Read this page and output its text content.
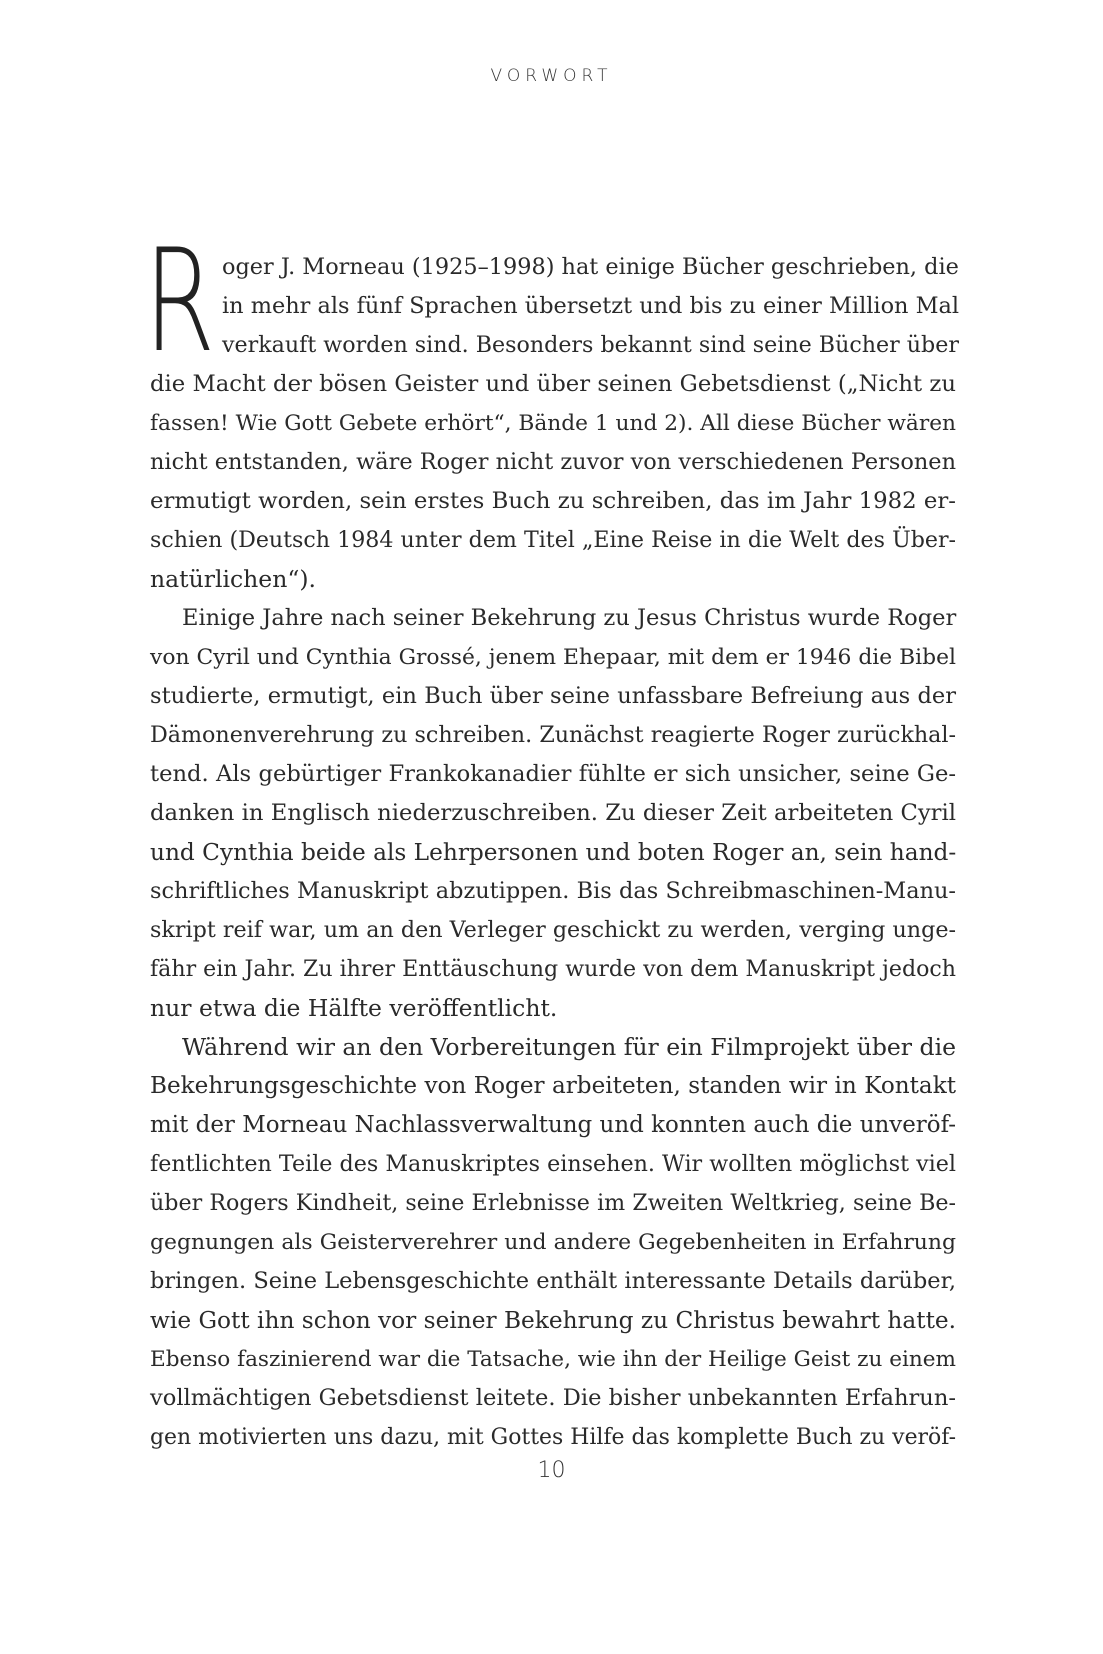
VORWORT

R oger J. Morneau (1925–1998) hat einige Bücher geschrieben, die
in mehr als fünf Sprachen übersetzt und bis zu einer Million Mal
verkauft worden sind. Besonders bekannt sind seine Bücher über
die Macht der bösen Geister und über seinen Gebetsdienst („Nicht zu
fassen! Wie Gott Gebete erhört“, Bände 1 und 2). All diese Bücher wären
nicht entstanden, wäre Roger nicht zuvor von verschiedenen Personen
ermutigt worden, sein erstes Buch zu schreiben, das im Jahr 1982 er-
schien (Deutsch 1984 unter dem Titel „Eine Reise in die Welt des Über-
natürlichen“).

Einige Jahre nach seiner Bekehrung zu Jesus Christus wurde Roger
von Cyril und Cynthia Grossé, jenem Ehepaar, mit dem er 1946 die Bibel
studierte, ermutigt, ein Buch über seine unfassbare Befreiung aus der
Dämonenverehrung zu schreiben. Zunächst reagierte Roger zurückhal-
tend. Als gebürtiger Frankokanadier fühlte er sich unsicher, seine Ge-
danken in Englisch niederzuschreiben. Zu dieser Zeit arbeiteten Cyril
und Cynthia beide als Lehrpersonen und boten Roger an, sein hand-
schriftliches Manuskript abzutippen. Bis das Schreibmaschinen-Manu-
skript reif war, um an den Verleger geschickt zu werden, verging unge-
fähr ein Jahr. Zu ihrer Enttäuschung wurde von dem Manuskript jedoch
nur etwa die Hälfte veröffentlicht.

Während wir an den Vorbereitungen für ein Filmprojekt über die
Bekehrungsgeschichte von Roger arbeiteten, standen wir in Kontakt
mit der Morneau Nachlassverwaltung und konnten auch die unveröf-
fentlichten Teile des Manuskriptes einsehen. Wir wollten möglichst viel
über Rogers Kindheit, seine Erlebnisse im Zweiten Weltkrieg, seine Be-
gegnungen als Geisterverehrer und andere Gegebenheiten in Erfahrung
bringen. Seine Lebensgeschichte enthält interessante Details darüber,
wie Gott ihn schon vor seiner Bekehrung zu Christus bewahrt hatte.
Ebenso faszinierend war die Tatsache, wie ihn der Heilige Geist zu einem
vollmächtigen Gebetsdienst leitete. Die bisher unbekannten Erfahrun-
gen motivierten uns dazu, mit Gottes Hilfe das komplette Buch zu veröf-

10
